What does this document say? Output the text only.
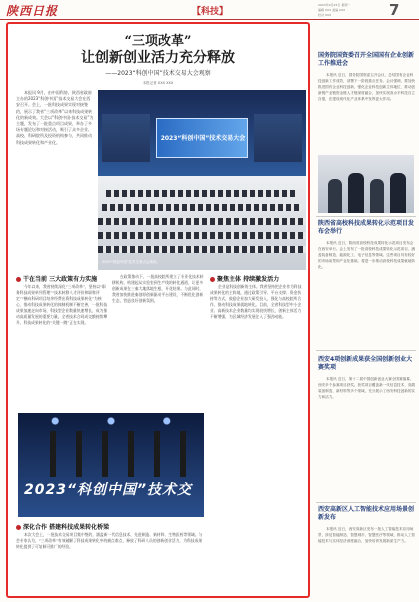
陕西日报	【科技】
2023年9月25日 星期一
编辑 XXX 美编 XXX
校对 XXX	7
“三项改革”
让创新创业活力充分释放
——2023“科创中国”技术交易大会观察
本报记者 XXX XXX
本报讯 9月，由中国科协、陕西省政府主办的2023“科创中国”技术交易大会在西安召开。会上，一批科技成果实现对接签约，展示了我省“三项改革”以来科技成果转化的新成效。大会以“科创中国·技术交易”为主题，发布了一批重点项目成果，举办了多场专题论坛和对接活动，吸引了众多企业、高校、科研院所及投资机构参与，共同推动科技成果转化和产业化。
2023“科创中国”技术交易大会
2023“科创中国”技术交易大会现场。
干在当前 三大政策有力实施
今年以来，我省持续深化“三项改革”，坚持以“职务科技成果单列管理”“技术转移人才评价和职称评定”“横向科研项目结余经费出资科技成果转化”为核心，推动科技成果转化的体制机制不断完善，一批科技成果加速走向市场，科技型企业数量快速增长，成为推动高质量发展的重要力量。全省技术合同成交额持续攀升，科技成果转化的“关键一跳”正在实现。
在政策推动下，一批高校院所建立了专业化技术转移机构，构建起从实验室到生产线的转化通道，让更多创新成果在三秦大地落地生根、开花结果。与此同时，我省加快推进秦创原创新驱动平台建设，不断优化创新生态，营造良好创新氛围。
聚焦主体 持续激发活力
企业是科技创新的主体。我省坚持把企业作为科技成果转化的主阵地，通过政策引导、平台支撑、资金扶持等方式，鼓励企业加大研发投入，强化与高校院所合作，推动科技成果就地转化。目前，全省科技型中小企业、高新技术企业数量均实现较快增长，创新主体活力不断增强，为区域经济发展注入了强劲动能。
2023“科创中国”技术交
深化合作 搭建科技成果转化桥梁
本次大会上，一批技术交易项目集中签约，涵盖新一代信息技术、先进制造、新材料、生物医药等领域。与会专家认为，“三项改革”有效破解了科技成果转化中的痛点难点，释放了科研人员的创新创业活力，为科技成果转化提供了可复制可推广的经验。
国务院国资委召开全国国有企业创新工作推进会
本报讯 近日，国务院国资委召开会议，总结国有企业科技创新工作成效，部署下一阶段重点任务。会议强调，要加快推进国有企业科技创新，强化企业科技创新主体地位，推动创新链产业链资金链人才链深度融合，加快实现高水平科技自立自强，在建设现代化产业体系中发挥更大作用。
陕西省高校科技成果转化示范项目发布会举行
本报讯 近日，陕西省高校科技成果转化示范项目发布会在西安举行。会上发布了一批高校科技成果转化示范项目，涵盖装备制造、能源化工、电子信息等领域。这些项目具有较好的市场前景和产业化基础，将进一步推动高校科技成果就地转化。
西安4项创新成果获全国创新创业大赛奖项
本报讯 近日，第十二届中国创新创业大赛全国赛落幕，西安多个参赛项目获奖。获奖项目覆盖新一代信息技术、高端装备制造、新材料等多个领域，充分展示了西安科技创新的实力和活力。
西安高新区人工智能技术应用场景创新发布
本报讯 近日，西安高新区发布一批人工智能技术应用场景，涉及智能制造、智慧城市、智慧医疗等领域，推动人工智能技术与实体经济深度融合，加快培育发展新质生产力。
